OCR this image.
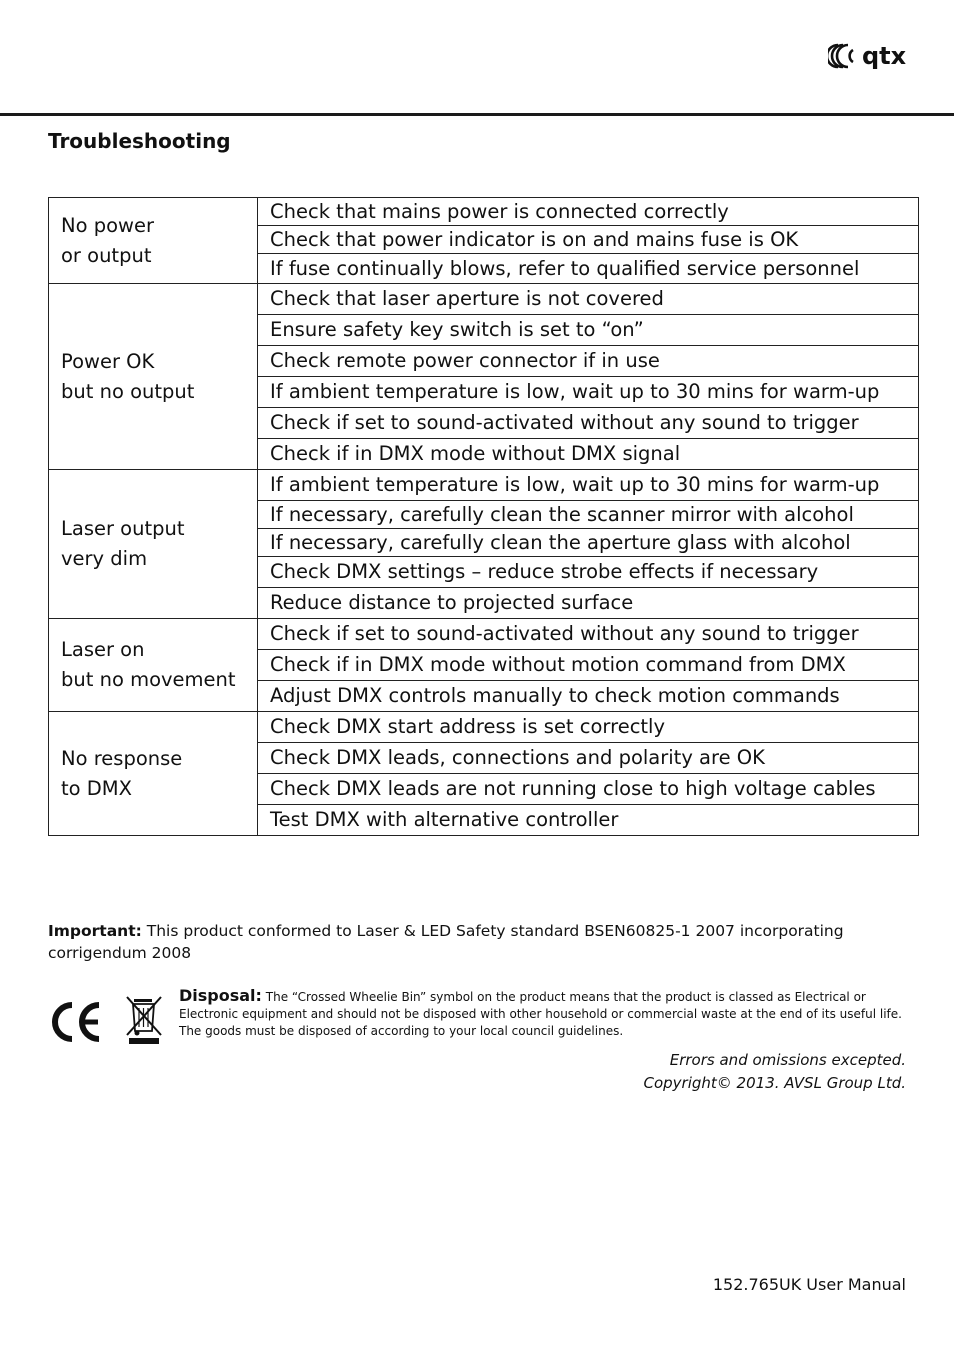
qtx
Troubleshooting
No power
or output	Check that mains power is connected correctly
	Check that power indicator is on and mains fuse is OK
	If fuse continually blows, refer to qualified service personnel

Power OK
but no output	Check that laser aperture is not covered
	Ensure safety key switch is set to “on”
	Check remote power connector if in use
	If ambient temperature is low, wait up to 30 mins for warm-up
	Check if set to sound-activated without any sound to trigger
	Check if in DMX mode without DMX signal

Laser output
very dim	If ambient temperature is low, wait up to 30 mins for warm-up
	If necessary, carefully clean the scanner mirror with alcohol
	If necessary, carefully clean the aperture glass with alcohol
	Check DMX settings – reduce strobe effects if necessary
	Reduce distance to projected surface

Laser on
but no movement	Check if set to sound-activated without any sound to trigger
	Check if in DMX mode without motion command from DMX
	Adjust DMX controls manually to check motion commands

No response
to DMX	Check DMX start address is set correctly
	Check DMX leads, connections and polarity are OK
	Check DMX leads are not running close to high voltage cables
	Test DMX with alternative controller
Important: This product conformed to Laser & LED Safety standard BSEN60825-1 2007 incorporating corrigendum 2008
Disposal: The “Crossed Wheelie Bin” symbol on the product means that the product is classed as Electrical or Electronic equipment and should not be disposed with other household or commercial waste at the end of its useful life. The goods must be disposed of according to your local council guidelines.
Errors and omissions excepted.
Copyright© 2013. AVSL Group Ltd.
152.765UK User Manual
